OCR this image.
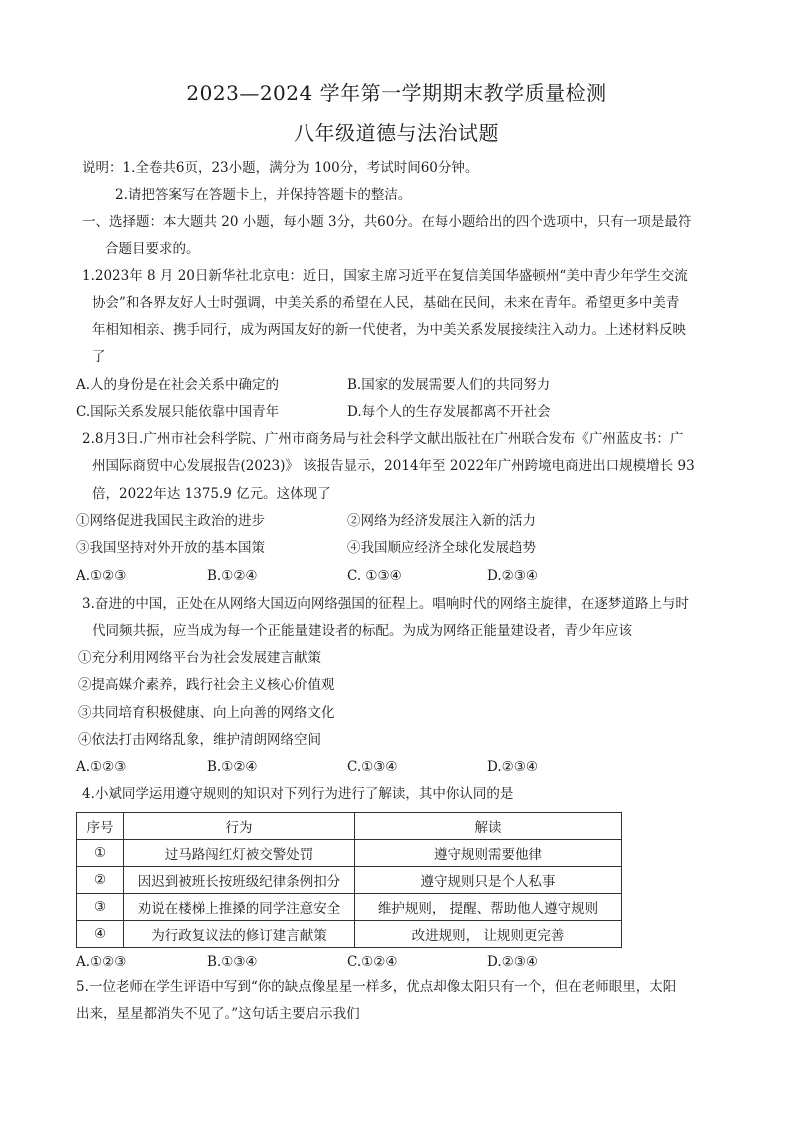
2023—2024 学年第一学期期末教学质量检测
八年级道德与法治试题
说明：1.全卷共6页，23小题，满分为 100分，考试时间60分钟。
2.请把答案写在答题卡上，并保持答题卡的整洁。
一、选择题：本大题共 20 小题，每小题 3分，共60分。在每小题给出的四个选项中，只有一项是最符
合题目要求的。
1.2023年 8 月 20日新华社北京电：近日，国家主席习近平在复信美国华盛顿州“美中青少年学生交流
协会”和各界友好人士时强调，中美关系的希望在人民，基础在民间，未来在青年。希望更多中美青
年相知相亲、携手同行，成为两国友好的新一代使者，为中美关系发展接续注入动力。上述材料反映
了
A.人的身份是在社会关系中确定的	B.国家的发展需要人们的共同努力
C.国际关系发展只能依靠中国青年	D.每个人的生存发展都离不开社会
2.8月3日.广州市社会科学院、广州市商务局与社会科学文献出版社在广州联合发布《广州蓝皮书：广
州国际商贸中心发展报告(2023)》 该报告显示，2014年至 2022年广州跨境电商进出口规模增长 93
倍，2022年达 1375.9 亿元。这体现了
①网络促进我国民主政治的进步	②网络为经济发展注入新的活力
③我国坚持对外开放的基本国策	④我国顺应经济全球化发展趋势
A.①②③	B.①②④	C. ①③④	D.②③④
3.奋进的中国，正处在从网络大国迈向网络强国的征程上。唱响时代的网络主旋律，在逐梦道路上与时
代同频共振，应当成为每一个正能量建设者的标配。为成为网络正能量建设者，青少年应该
①充分利用网络平台为社会发展建言献策
②提高媒介素养，践行社会主义核心价值观
③共同培育积极健康、向上向善的网络文化
④依法打击网络乱象，维护清朗网络空间
A.①②③	B.①②④	C.①③④	D.②③④
4.小斌同学运用遵守规则的知识对下列行为进行了解读，其中你认同的是
序号	行为	解读
①	过马路闯红灯被交警处罚	遵守规则需要他律
②	因迟到被班长按班级纪律条例扣分	遵守规则只是个人私事
③	劝说在楼梯上推搡的同学注意安全	维护规则， 提醒、帮助他人遵守规则
④	为行政复议法的修订建言献策	改进规则， 让规则更完善
A.①②③	B.①③④	C.①②④	D.②③④
5.一位老师在学生评语中写到“你的缺点像星星一样多，优点却像太阳只有一个，但在老师眼里，太阳
出来，星星都消失不见了。”这句话主要启示我们
